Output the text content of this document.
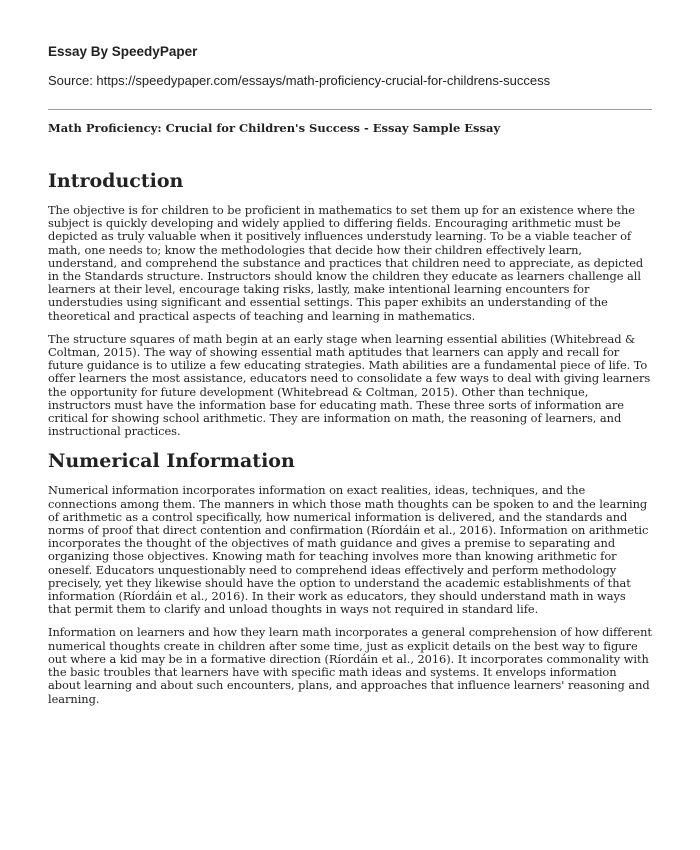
Essay By SpeedyPaper
Source: https://speedypaper.com/essays/math-proficiency-crucial-for-childrens-success
Math Proficiency: Crucial for Children's Success - Essay Sample Essay
Introduction

The objective is for children to be proficient in mathematics to set them up for an existence where the subject is quickly developing and widely applied to differing fields. Encouraging arithmetic must be depicted as truly valuable when it positively influences understudy learning. To be a viable teacher of math, one needs to; know the methodologies that decide how their children effectively learn, understand, and comprehend the substance and practices that children need to appreciate, as depicted in the Standards structure. Instructors should know the children they educate as learners challenge all learners at their level, encourage taking risks, lastly, make intentional learning encounters for understudies using significant and essential settings. This paper exhibits an understanding of the theoretical and practical aspects of teaching and learning in mathematics.

The structure squares of math begin at an early stage when learning essential abilities (Whitebread & Coltman, 2015). The way of showing essential math aptitudes that learners can apply and recall for future guidance is to utilize a few educating strategies. Math abilities are a fundamental piece of life. To offer learners the most assistance, educators need to consolidate a few ways to deal with giving learners the opportunity for future development (Whitebread & Coltman, 2015). Other than technique, instructors must have the information base for educating math. These three sorts of information are critical for showing school arithmetic. They are information on math, the reasoning of learners, and instructional practices.

Numerical Information

Numerical information incorporates information on exact realities, ideas, techniques, and the connections among them. The manners in which those math thoughts can be spoken to and the learning of arithmetic as a control specifically, how numerical information is delivered, and the standards and norms of proof that direct contention and confirmation (Ríordáin et al., 2016). Information on arithmetic incorporates the thought of the objectives of math guidance and gives a premise to separating and organizing those objectives. Knowing math for teaching involves more than knowing arithmetic for oneself. Educators unquestionably need to comprehend ideas effectively and perform methodology precisely, yet they likewise should have the option to understand the academic establishments of that information (Ríordáin et al., 2016). In their work as educators, they should understand math in ways that permit them to clarify and unload thoughts in ways not required in standard life.

Information on learners and how they learn math incorporates a general comprehension of how different numerical thoughts create in children after some time, just as explicit details on the best way to figure out where a kid may be in a formative direction (Ríordáin et al., 2016). It incorporates commonality with the basic troubles that learners have with specific math ideas and systems. It envelops information about learning and about such encounters, plans, and approaches that influence learners' reasoning and learning.
